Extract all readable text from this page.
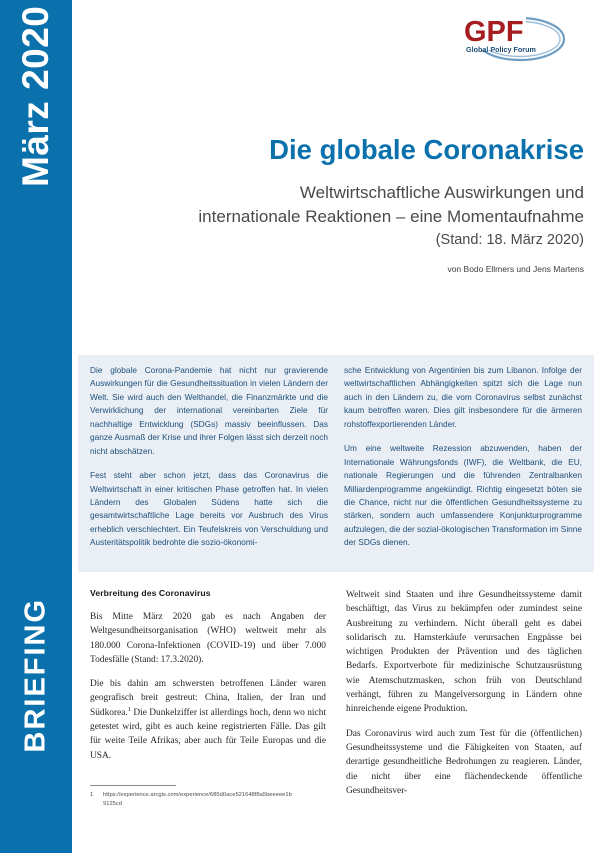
März 2020
BRIEFING
GPF
Global Policy Forum
Die globale Coronakrise

Weltwirtschaftliche Auswirkungen und

internationale Reaktionen – eine Momentaufnahme

(Stand: 18. März 2020)

von Bodo Ellmers und Jens Martens

Die globale Corona-Pandemie hat nicht nur gravierende Auswirkungen für die Gesundheitssituation in vielen Ländern der Welt. Sie wird auch den Welthandel, die Finanzmärkte und die Verwirklichung der international vereinbarten Ziele für nachhaltige Entwicklung (SDGs) massiv beeinflussen. Das ganze Ausmaß der Krise und ihrer Folgen lässt sich derzeit noch nicht abschätzen.

Fest steht aber schon jetzt, dass das Coronavirus die Weltwirtschaft in einer kritischen Phase getroffen hat. In vielen Ländern des Globalen Südens hatte sich die gesamtwirtschaftliche Lage bereits vor Ausbruch des Virus erheblich verschlechtert. Ein Teufelskreis von Verschuldung und Austeritätspolitik bedrohte die sozio-ökonomi-

sche Entwicklung von Argentinien bis zum Libanon. Infolge der weltwirtschaftlichen Abhängigkeiten spitzt sich die Lage nun auch in den Ländern zu, die vom Coronavirus selbst zunächst kaum betroffen waren. Dies gilt insbesondere für die ärmeren rohstoffexportierenden Länder.

Um eine weltweite Rezession abzuwenden, haben der Internationale Währungsfonds (IWF), die Weltbank, die EU, nationale Regierungen und die führenden Zentralbanken Milliardenprogramme angekündigt. Richtig eingesetzt böten sie die Chance, nicht nur die öffentlichen Gesundheitssysteme zu stärken, sondern auch umfassendere Konjunkturprogramme aufzulegen, die der sozial-ökologischen Transformation im Sinne der SDGs dienen.

Verbreitung des Coronavirus

Bis Mitte März 2020 gab es nach Angaben der Weltgesundheitsorganisation (WHO) weltweit mehr als 180.000 Corona-Infektionen (COVID-19) und über 7.000 Todesfälle (Stand: 17.3.2020).

Die bis dahin am schwersten betroffenen Länder waren geografisch breit gestreut: China, Italien, der Iran und Südkorea.$^1$ Die Dunkelziffer ist allerdings hoch, denn wo nicht getestet wird, gibt es auch keine registrierten Fälle. Das gilt für weite Teile Afrikas, aber auch für Teile Europas und die USA.

1	https://experience.arcgis.com/experience/685d0ace521648f8a5beeeee1b9125cd

Weltweit sind Staaten und ihre Gesundheitssysteme damit beschäftigt, das Virus zu bekämpfen oder zumindest seine Ausbreitung zu verhindern. Nicht überall geht es dabei solidarisch zu. Hamsterkäufe verursachen Engpässe bei wichtigen Produkten der Prävention und des täglichen Bedarfs. Exportverbote für medizinische Schutzausrüstung wie Atemschutzmasken, schon früh von Deutschland verhängt, führen zu Mangelversorgung in Ländern ohne hinreichende eigene Produktion.

Das Coronavirus wird auch zum Test für die (öffentlichen) Gesundheitssysteme und die Fähigkeiten von Staaten, auf derartige gesundheitliche Bedrohungen zu reagieren. Länder, die nicht über eine flächendeckende öffentliche Gesundheitsver-
